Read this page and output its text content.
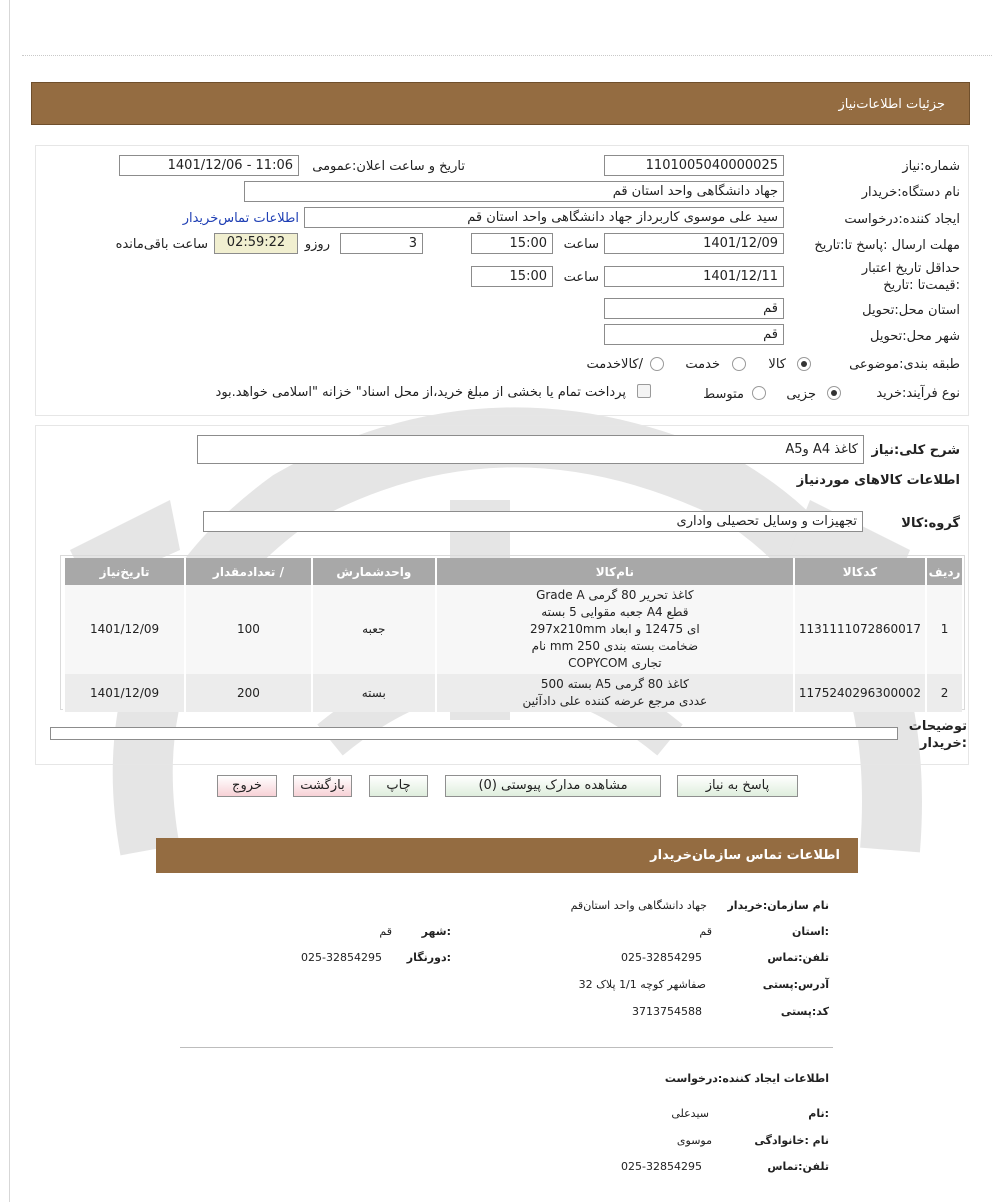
جزئیات اطلاعات‌نیاز
شماره:نیاز
1101005040000025
تاریخ و ساعت اعلان:عمومی
1401/12/06 - 11:06
نام دستگاه:خریدار
جهاد دانشگاهی واحد استان قم
ایجاد کننده:درخواست
سید علی موسوی کاربرداز جهاد دانشگاهی واحد استان قم
اطلاعات تماس‌خریدار
مهلت ارسال :پاسخ تا:تاریخ
1401/12/09
ساعت
15:00
3
روزو
02:59:22
ساعت باقی‌مانده
حداقل تاریخ اعتبار :قیمت‌تا :تاریخ
1401/12/11
ساعت
15:00
استان محل:تحویل
قم
شهر محل:تحویل
قم
طبقه بندی:موضوعی
کالا
خدمت
/کالاخدمت
نوع فرآیند:
خرید
جزیی
متوسط
پرداخت تمام یا بخشی از مبلغ خرید،از محل اسناد" خزانه "اسلامی خواهد.بود
شرح کلی:نیاز
کاغذ A4 وA5
اطلاعات کالاهای موردنیاز
گروه:کالا
تجهیزات و وسایل تحصیلی واداری
ردیف	کدکالا	نام‌کالا	واحدشمارش	/ تعدادمقدار	تاریخ‌نیاز
1	1131111072860017	کاغذ تحریر 80 گرمی Grade A
قطع A4 جعبه مقوایی 5 بسته
ای 12475 و ابعاد 297x210mm
ضخامت بسته بندی 250 mm نام
تجاری COPYCOM	جعبه	100	1401/12/09
2	1175240296300002	کاغذ 80 گرمی A5 بسته 500
عددی مرجع عرضه کننده علی دادآئین	بسته	200	1401/12/09
توضیحات
:خریدار
پاسخ به نیاز
مشاهده مدارک پیوستی (0)
چاپ
بازگشت
خروج
اطلاعات تماس سازمان‌خریدار
نام سازمان:خریدار
جهاد دانشگاهی واحد استان‌قم
:استان
قم
:شهر
قم
تلفن:تماس
025-32854295
:دورنگار
025-32854295
آدرس:پستی
صفاشهر کوچه 1/1 پلاک 32
کد:پستی
3713754588
اطلاعات ایجاد کننده:درخواست
:نام
سیدعلی
نام :خانوادگی
موسوی
تلفن:تماس
025-32854295
